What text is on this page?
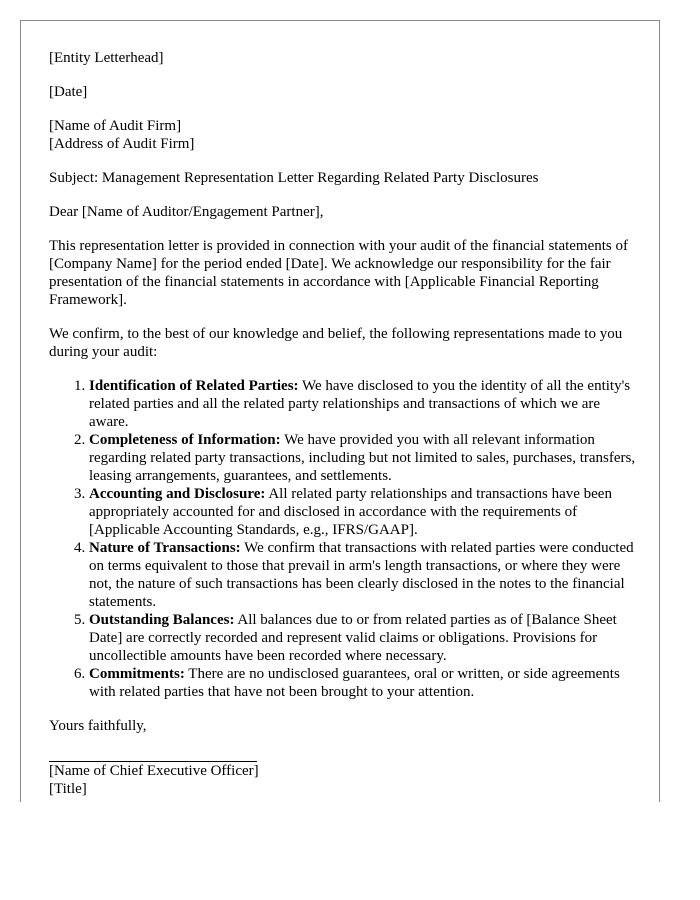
[Entity Letterhead]

[Date]

[Name of Audit Firm]
[Address of Audit Firm]

Subject: Management Representation Letter Regarding Related Party Disclosures

Dear [Name of Auditor/Engagement Partner],

This representation letter is provided in connection with your audit of the financial statements of [Company Name] for the period ended [Date]. We acknowledge our responsibility for the fair presentation of the financial statements in accordance with [Applicable Financial Reporting Framework].

We confirm, to the best of our knowledge and belief, the following representations made to you during your audit:

1. Identification of Related Parties: We have disclosed to you the identity of all the entity's related parties and all the related party relationships and transactions of which we are aware.
2. Completeness of Information: We have provided you with all relevant information regarding related party transactions, including but not limited to sales, purchases, transfers, leasing arrangements, guarantees, and settlements.
3. Accounting and Disclosure: All related party relationships and transactions have been appropriately accounted for and disclosed in accordance with the requirements of [Applicable Accounting Standards, e.g., IFRS/GAAP].
4. Nature of Transactions: We confirm that transactions with related parties were conducted on terms equivalent to those that prevail in arm's length transactions, or where they were not, the nature of such transactions has been clearly disclosed in the notes to the financial statements.
5. Outstanding Balances: All balances due to or from related parties as of [Balance Sheet Date] are correctly recorded and represent valid claims or obligations. Provisions for uncollectible amounts have been recorded where necessary.
6. Commitments: There are no undisclosed guarantees, oral or written, or side agreements with related parties that have not been brought to your attention.

Yours faithfully,

[Name of Chief Executive Officer]
[Title]
